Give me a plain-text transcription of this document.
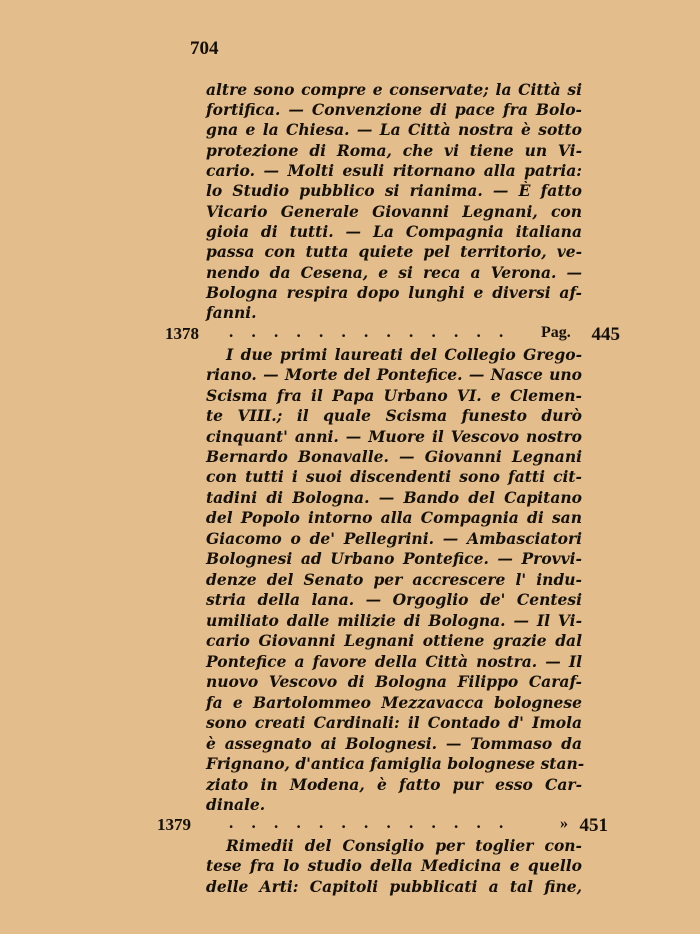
704
altre sono compre e conservate; la Città si
fortifica. — Convenzione di pace fra Bolo-
gna e la Chiesa. — La Città nostra è sotto
protezione di Roma, che vi tiene un Vi-
cario. — Molti esuli ritornano alla patria:
lo Studio pubblico si rianima. — È fatto
Vicario Generale Giovanni Legnani, con
gioia di tutti. — La Compagnia italiana
passa con tutta quiete pel territorio, ve-
nendo da Cesena, e si reca a Verona. —
Bologna respira dopo lunghi e diversi af-
fanni.
1378 . . . . . . . . . . . . . Pag. 445
I due primi laureati del Collegio Grego-
riano. — Morte del Pontefice. — Nasce uno
Scisma fra il Papa Urbano VI. e Clemen-
te VIII.; il quale Scisma funesto durò
cinquant' anni. — Muore il Vescovo nostro
Bernardo Bonavalle. — Giovanni Legnani
con tutti i suoi discendenti sono fatti cit-
tadini di Bologna. — Bando del Capitano
del Popolo intorno alla Compagnia di san
Giacomo o de' Pellegrini. — Ambasciatori
Bolognesi ad Urbano Pontefice. — Provvi-
denze del Senato per accrescere l' indu-
stria della lana. — Orgoglio de' Centesi
umiliato dalle milizie di Bologna. — Il Vi-
cario Giovanni Legnani ottiene grazie dal
Pontefice a favore della Città nostra. — Il
nuovo Vescovo di Bologna Filippo Caraf-
fa e Bartolommeo Mezzavacca bolognese
sono creati Cardinali: il Contado d' Imola
è assegnato ai Bolognesi. — Tommaso da
Frignano, d'antica famiglia bolognese stan-
ziato in Modena, è fatto pur esso Car-
dinale.
1379 . . . . . . . . . . . . .	» 451
Rimedii del Consiglio per toglier con-
tese fra lo studio della Medicina e quello
delle Arti: Capitoli pubblicati a tal fine,
